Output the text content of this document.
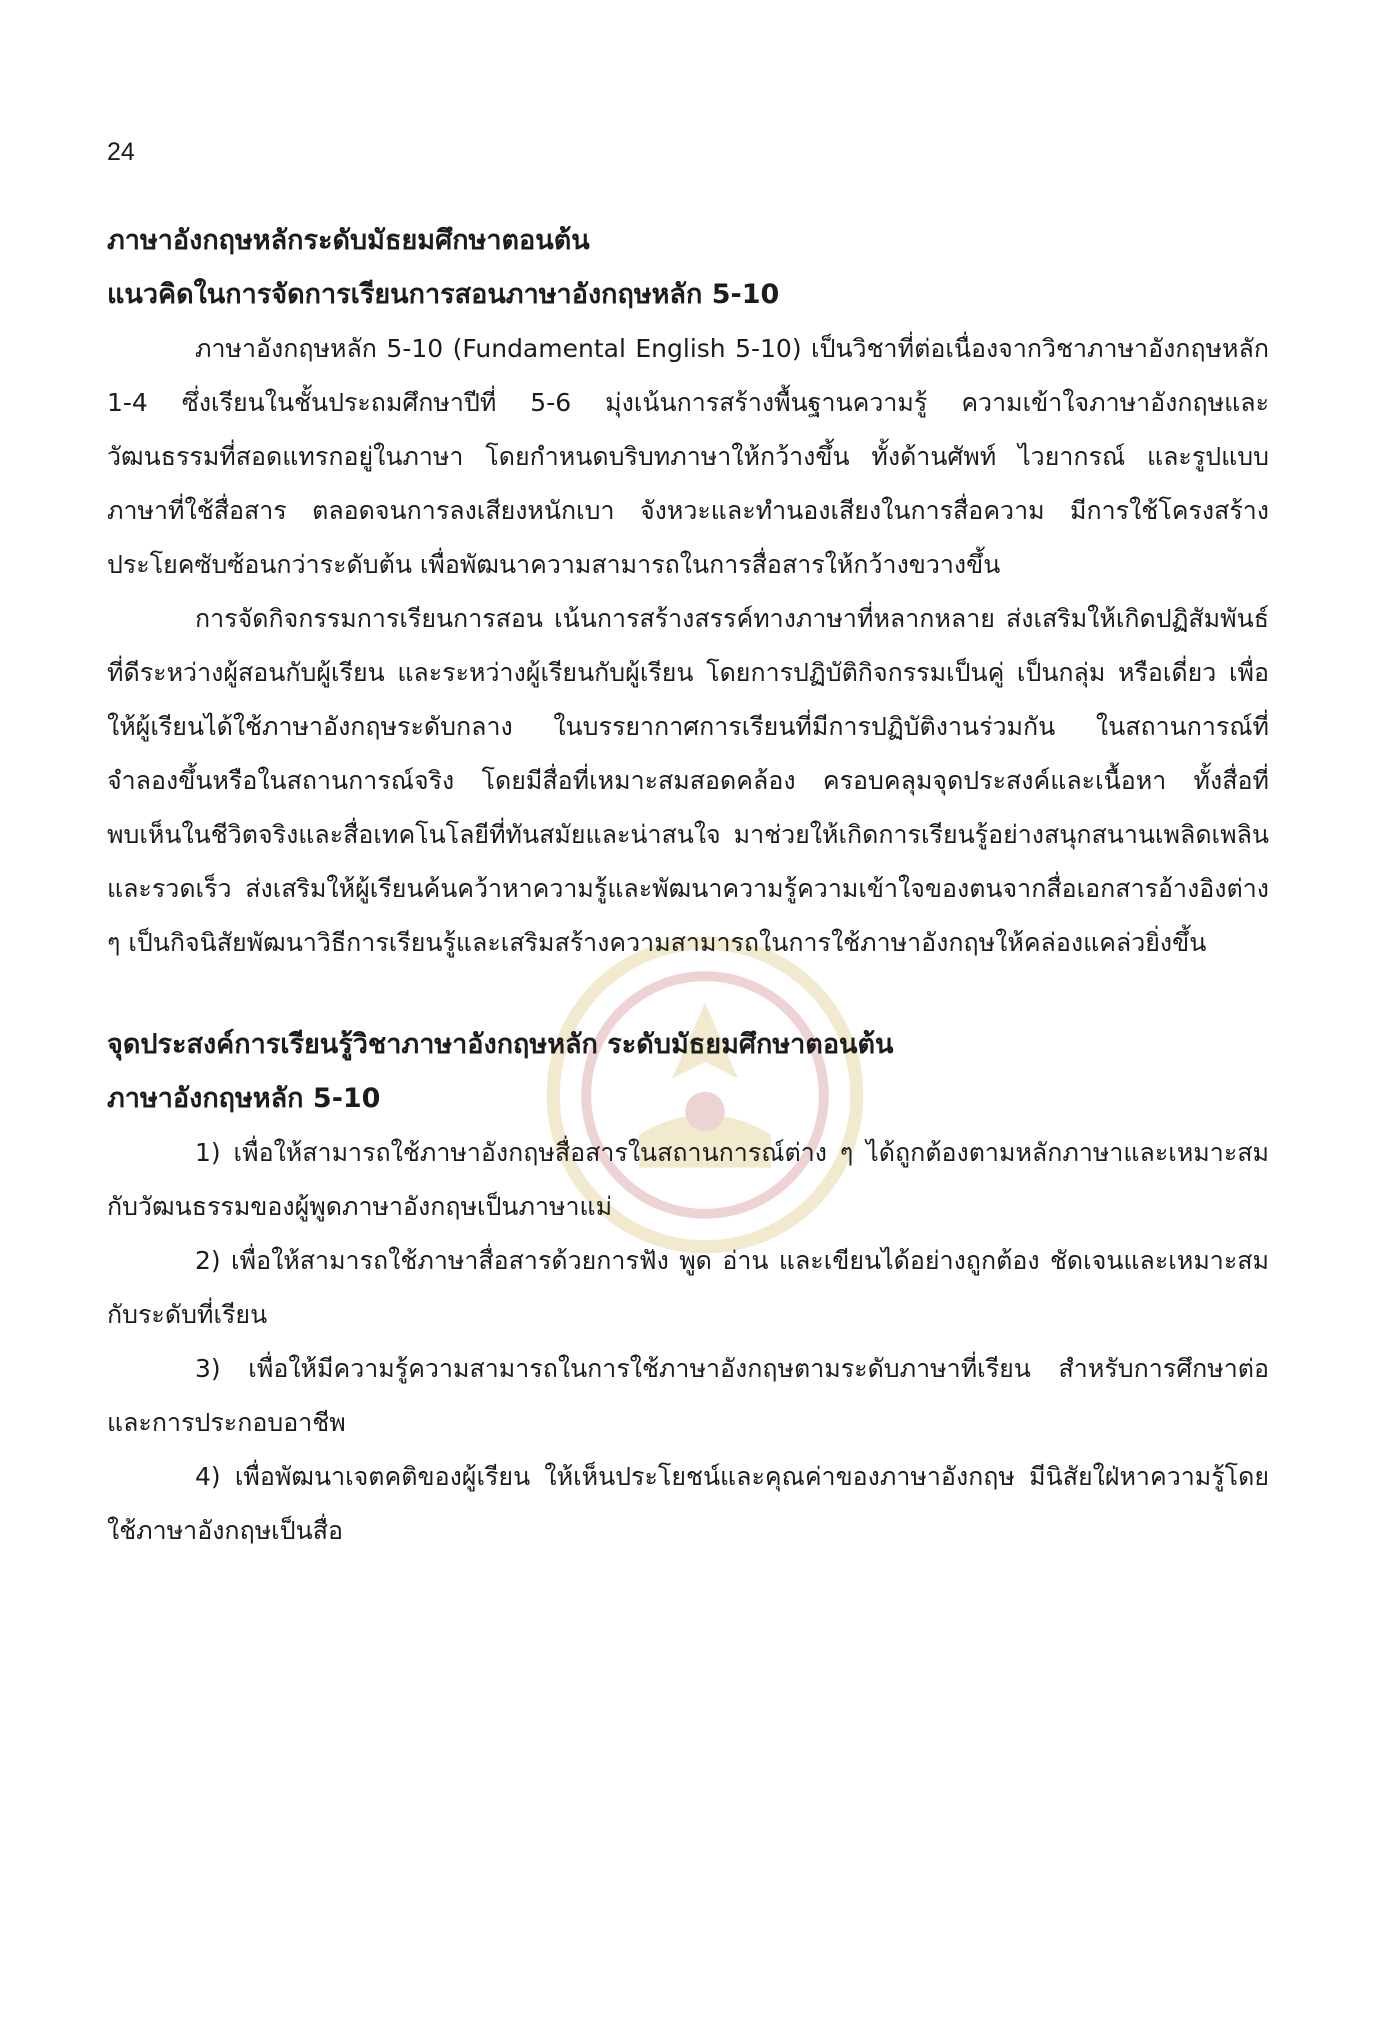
24

ภาษาอังกฤษหลักระดับมัธยมศึกษาตอนต้น

แนวคิดในการจัดการเรียนการสอนภาษาอังกฤษหลัก 5-10

ภาษาอังกฤษหลัก 5-10 (Fundamental English 5-10) เป็นวิชาที่ต่อเนื่องจากวิชาภาษาอังกฤษหลัก 1-4 ซึ่งเรียนในชั้นประถมศึกษาปีที่ 5-6 มุ่งเน้นการสร้างพื้นฐานความรู้ ความเข้าใจภาษาอังกฤษและวัฒนธรรมที่สอดแทรกอยู่ในภาษา โดยกำหนดบริบทภาษาให้กว้างขึ้น ทั้งด้านศัพท์ ไวยากรณ์ และรูปแบบภาษาที่ใช้สื่อสาร ตลอดจนการลงเสียงหนักเบา จังหวะและทำนองเสียงในการสื่อความ มีการใช้โครงสร้างประโยคซับซ้อนกว่าระดับต้น เพื่อพัฒนาความสามารถในการสื่อสารให้กว้างขวางขึ้น

การจัดกิจกรรมการเรียนการสอน เน้นการสร้างสรรค์ทางภาษาที่หลากหลาย ส่งเสริมให้เกิดปฏิสัมพันธ์ที่ดีระหว่างผู้สอนกับผู้เรียน และระหว่างผู้เรียนกับผู้เรียน โดยการปฏิบัติกิจกรรมเป็นคู่ เป็นกลุ่ม หรือเดี่ยว เพื่อให้ผู้เรียนได้ใช้ภาษาอังกฤษระดับกลาง ในบรรยากาศการเรียนที่มีการปฏิบัติงานร่วมกัน ในสถานการณ์ที่จำลองขึ้นหรือในสถานการณ์จริง โดยมีสื่อที่เหมาะสมสอดคล้อง ครอบคลุมจุดประสงค์และเนื้อหา ทั้งสื่อที่พบเห็นในชีวิตจริงและสื่อเทคโนโลยีที่ทันสมัยและน่าสนใจ มาช่วยให้เกิดการเรียนรู้อย่างสนุกสนานเพลิดเพลิน และรวดเร็ว ส่งเสริมให้ผู้เรียนค้นคว้าหาความรู้และพัฒนาความรู้ความเข้าใจของตนจากสื่อเอกสารอ้างอิงต่าง ๆ เป็นกิจนิสัยพัฒนาวิธีการเรียนรู้และเสริมสร้างความสามารถในการใช้ภาษาอังกฤษให้คล่องแคล่วยิ่งขึ้น

จุดประสงค์การเรียนรู้วิชาภาษาอังกฤษหลัก ระดับมัธยมศึกษาตอนต้น

ภาษาอังกฤษหลัก 5-10

1) เพื่อให้สามารถใช้ภาษาอังกฤษสื่อสารในสถานการณ์ต่าง ๆ ได้ถูกต้องตามหลักภาษาและเหมาะสมกับวัฒนธรรมของผู้พูดภาษาอังกฤษเป็นภาษาแม่

2) เพื่อให้สามารถใช้ภาษาสื่อสารด้วยการฟัง พูด อ่าน และเขียนได้อย่างถูกต้อง ชัดเจนและเหมาะสมกับระดับที่เรียน

3) เพื่อให้มีความรู้ความสามารถในการใช้ภาษาอังกฤษตามระดับภาษาที่เรียน สำหรับการศึกษาต่อและการประกอบอาชีพ

4) เพื่อพัฒนาเจตคติของผู้เรียน ให้เห็นประโยชน์และคุณค่าของภาษาอังกฤษ มีนิสัยใฝ่หาความรู้โดยใช้ภาษาอังกฤษเป็นสื่อ
